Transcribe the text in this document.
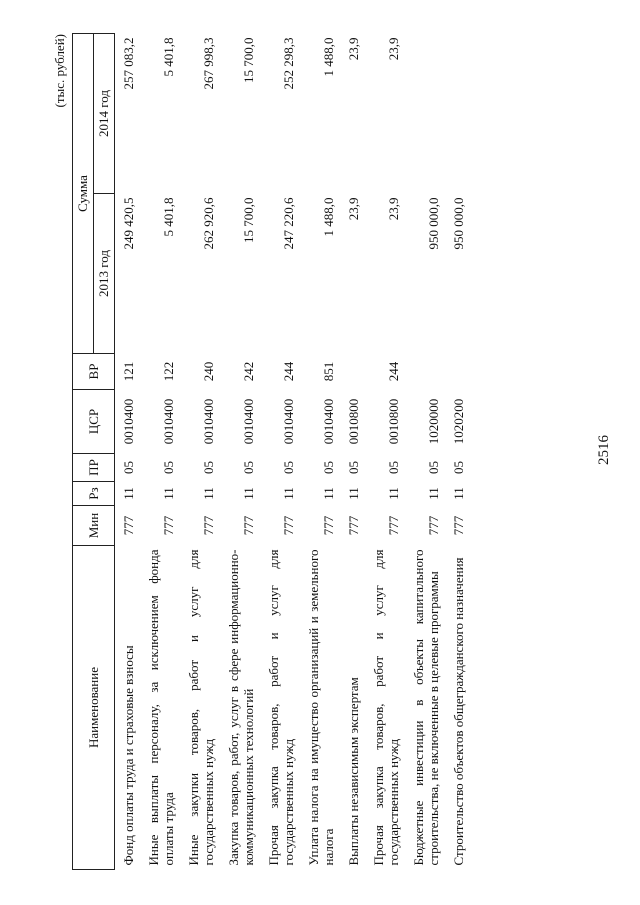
2516
(тыс. рублей)
Наименование	Мин	Рз	ПР	ЦСР	ВР	Сумма	
						2013 год	2014 год
Фонд оплаты труда и страховые взносы	777	11	05	0010400	121	249 420,5	257 083,2
Иные выплаты персоналу, за исключением фонда оплаты труда	777	11	05	0010400	122	5 401,8	5 401,8
Иные закупки товаров, работ и услуг для государственных нужд	777	11	05	0010400	240	262 920,6	267 998,3
Закупка товаров, работ, услуг в сфере информационно-коммуникационных технологий	777	11	05	0010400	242	15 700,0	15 700,0
Прочая закупка товаров, работ и услуг для государственных нужд	777	11	05	0010400	244	247 220,6	252 298,3
Уплата налога на имущество организаций и земельного налога	777	11	05	0010400	851	1 488,0	1 488,0
Выплаты независимым экспертам	777	11	05	0010800		23,9	23,9
Прочая закупка товаров, работ и услуг для государственных нужд	777	11	05	0010800	244	23,9	23,9
Бюджетные инвестиции в объекты капитального строительства, не включенные в целевые программы	777	11	05	1020000		950 000,0	
Строительство объектов общегражданского назначения	777	11	05	1020200		950 000,0	
